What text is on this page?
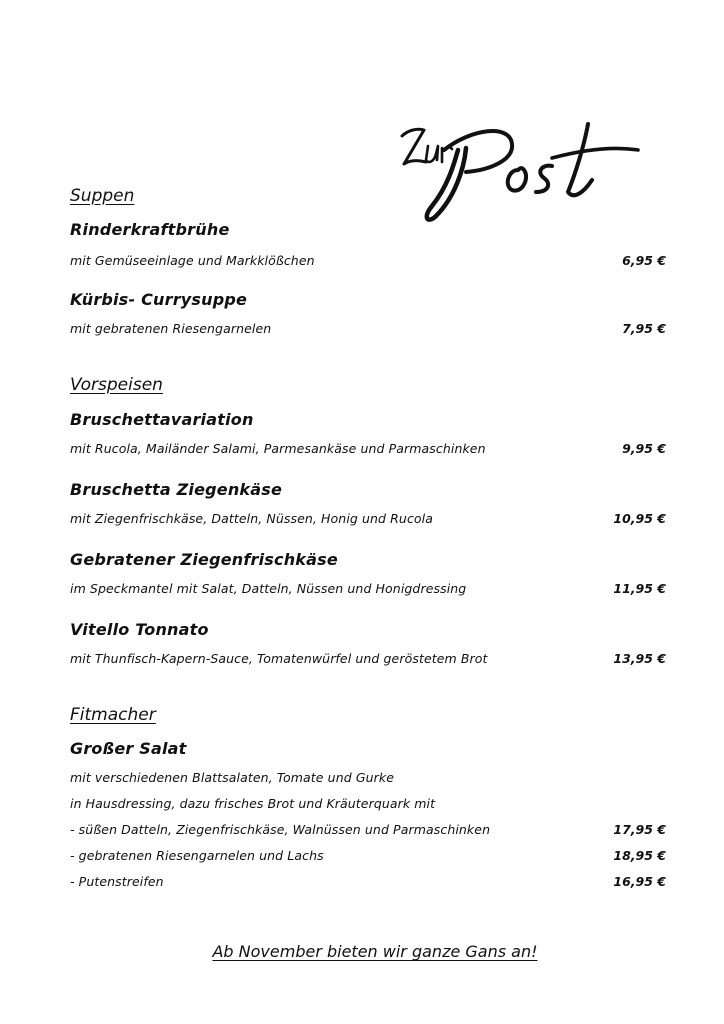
Suppen
Rinderkraftbrühe
mit Gemüseeinlage und Markklößchen	6,95 €
Kürbis- Currysuppe
mit gebratenen Riesengarnelen	7,95 €
Vorspeisen
Bruschettavariation
mit Rucola, Mailänder Salami, Parmesankäse und Parmaschinken	9,95 €
Bruschetta Ziegenkäse
mit Ziegenfrischkäse, Datteln, Nüssen, Honig und Rucola	10,95 €
Gebratener Ziegenfrischkäse
im Speckmantel mit Salat, Datteln, Nüssen und Honigdressing	11,95 €
Vitello Tonnato
mit Thunfisch-Kapern-Sauce, Tomatenwürfel und geröstetem Brot	13,95 €
Fitmacher
Großer Salat
mit verschiedenen Blattsalaten, Tomate und Gurke
in Hausdressing, dazu frisches Brot und Kräuterquark mit
- süßen Datteln, Ziegenfrischkäse, Walnüssen und Parmaschinken	17,95 €
- gebratenen Riesengarnelen und Lachs	18,95 €
- Putenstreifen	16,95 €
Ab November bieten wir ganze Gans an!
